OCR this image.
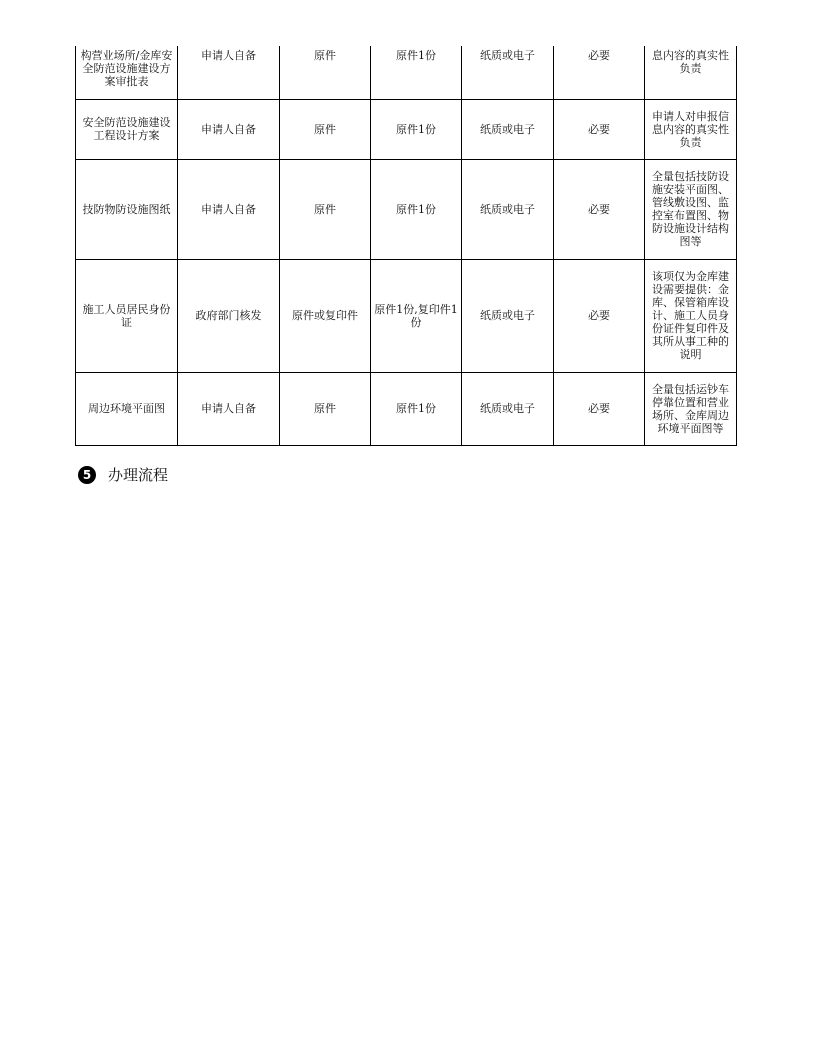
构营业场所/金库安全防范设施建设方案审批表	申请人自备	原件	原件1份	纸质或电子	必要	息内容的真实性负责
安全防范设施建设工程设计方案	申请人自备	原件	原件1份	纸质或电子	必要	申请人对申报信息内容的真实性负责
技防物防设施图纸	申请人自备	原件	原件1份	纸质或电子	必要	全量包括技防设施安装平面图、管线敷设图、监控室布置图、物防设施设计结构图等
施工人员居民身份证	政府部门核发	原件或复印件	原件1份,复印件1份	纸质或电子	必要	该项仅为金库建设需要提供：金库、保管箱库设计、施工人员身份证件复印件及其所从事工种的说明
周边环境平面图	申请人自备	原件	原件1份	纸质或电子	必要	全量包括运钞车停靠位置和营业场所、金库周边环境平面图等
5	办理流程
